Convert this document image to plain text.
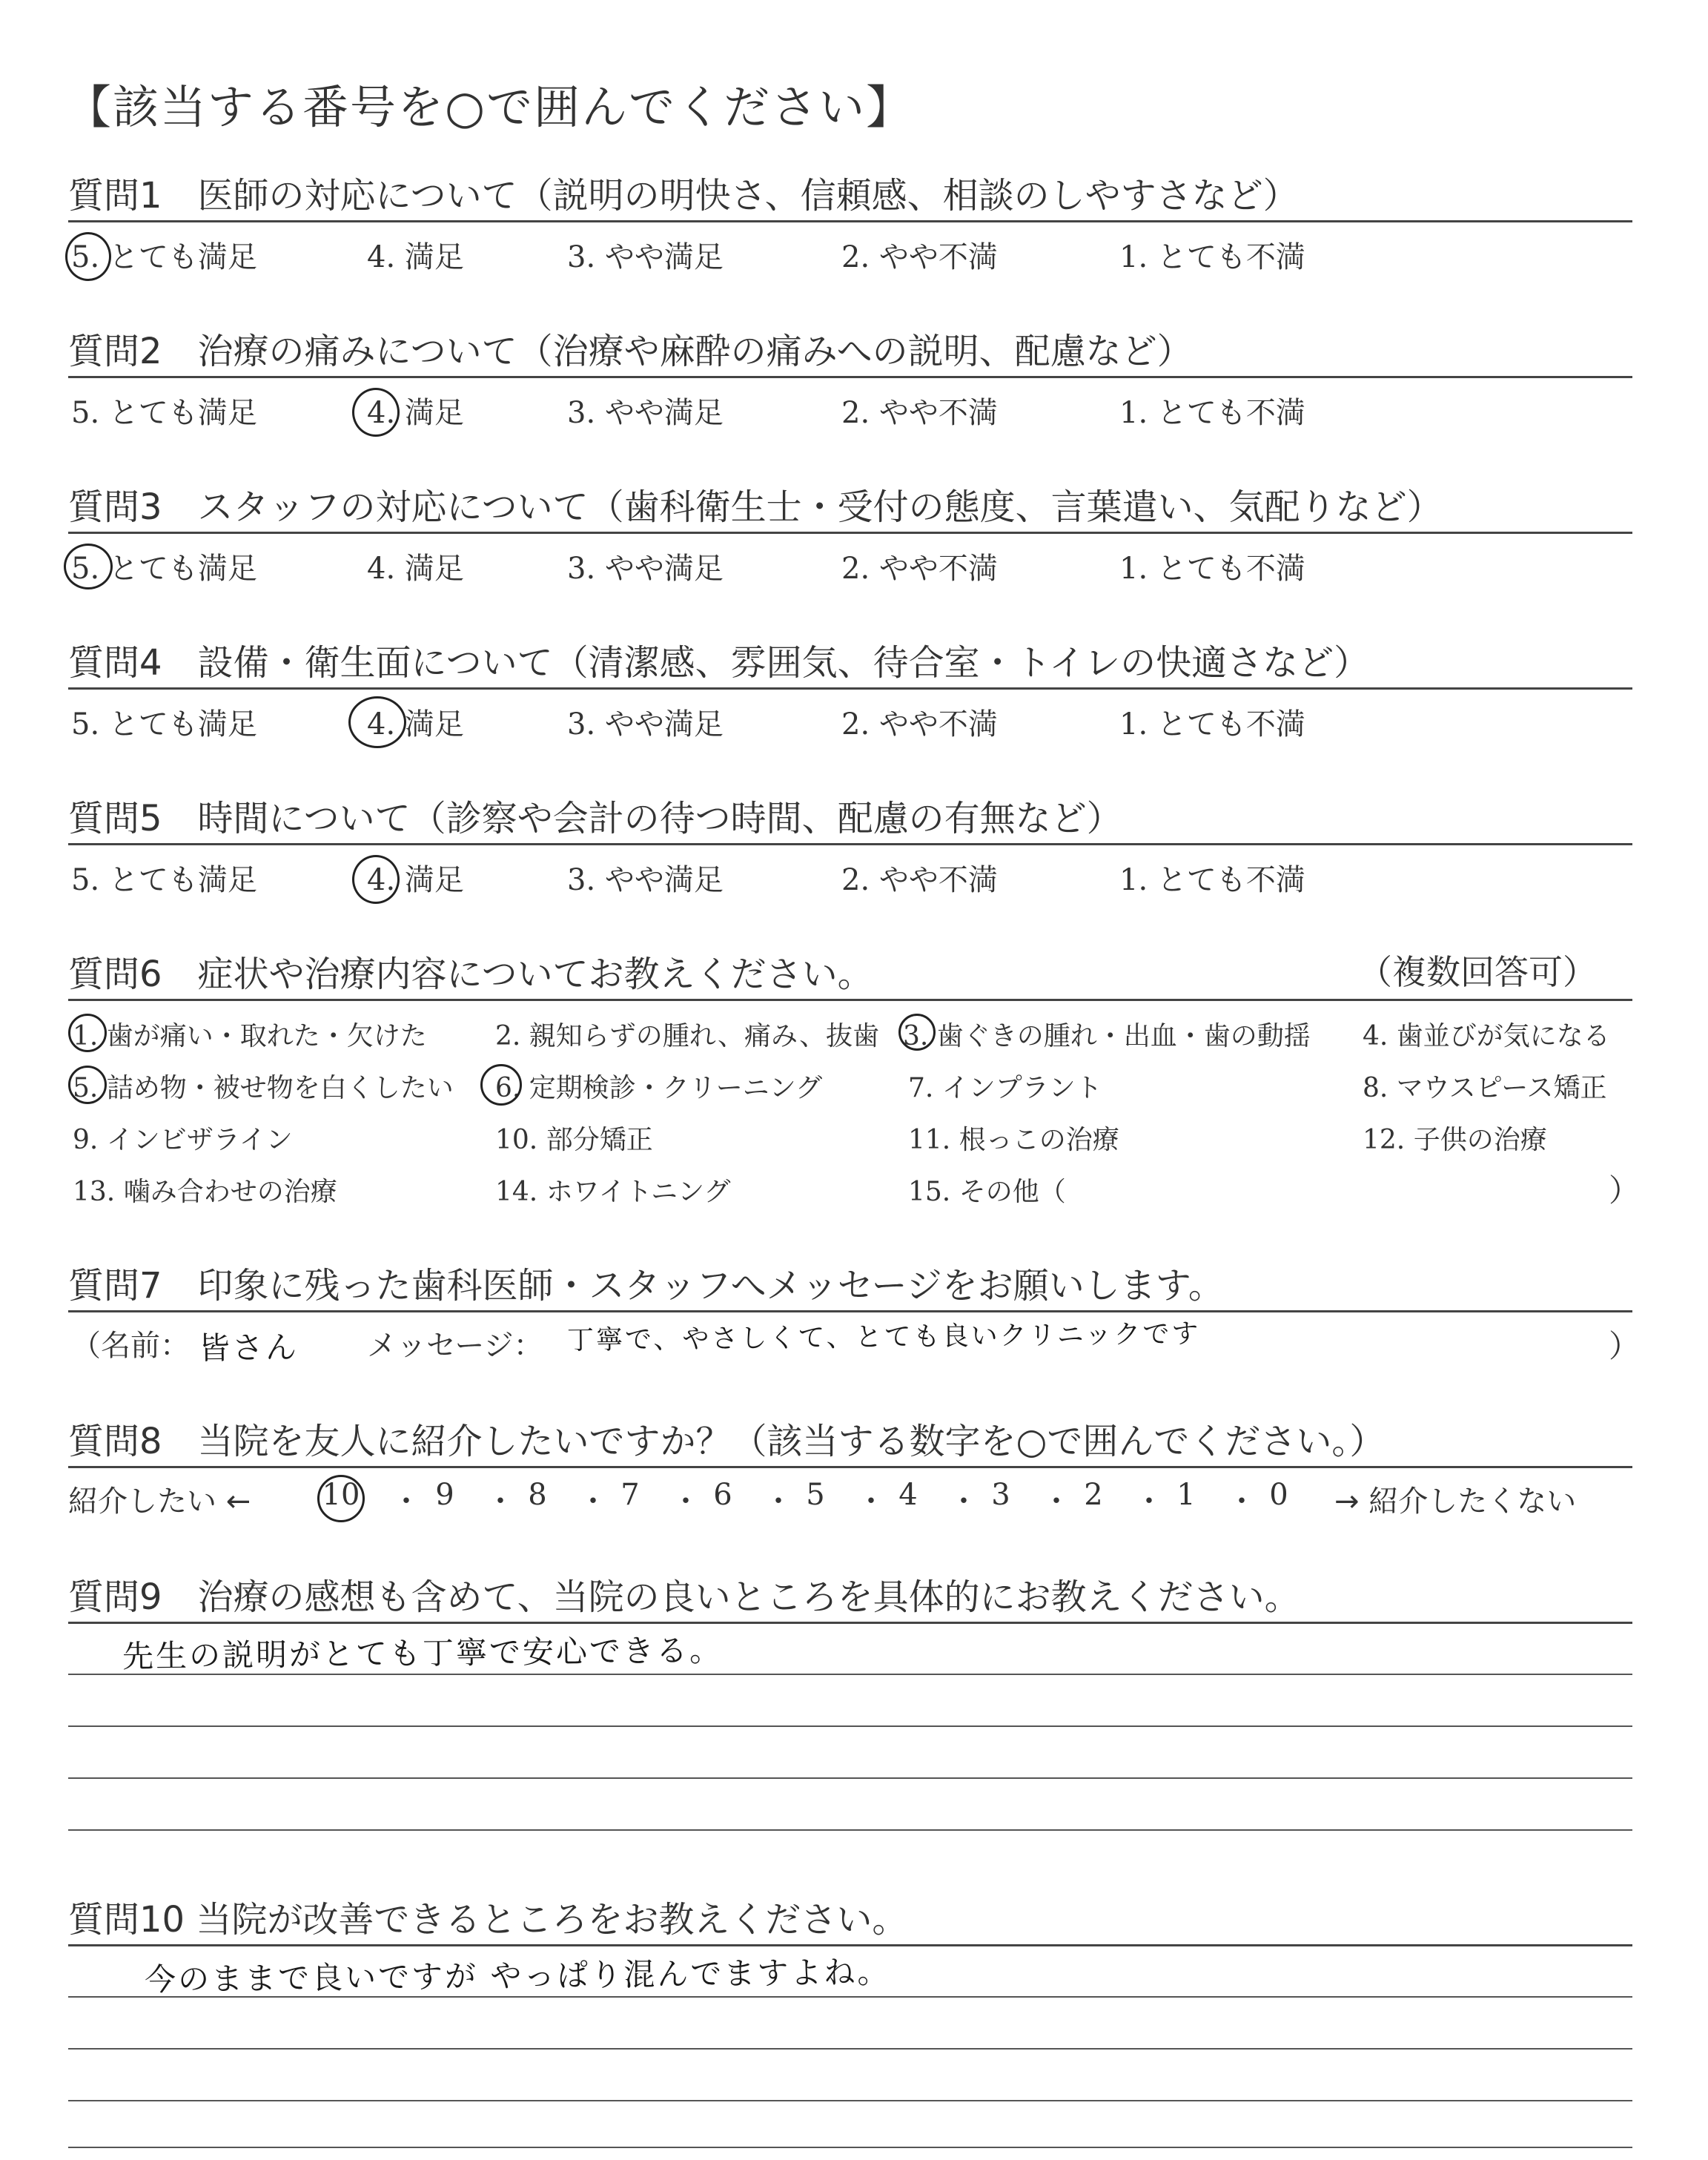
【該当する番号を○で囲んでください】
質問1　医師の対応について（説明の明快さ、信頼感、相談のしやすさなど）
5. とても満足	4. 満足	3. やや満足	2. やや不満	1. とても不満
質問2　治療の痛みについて（治療や麻酔の痛みへの説明、配慮など）
5. とても満足	4. 満足	3. やや満足	2. やや不満	1. とても不満
質問3　スタッフの対応について（歯科衛生士・受付の態度、言葉遣い、気配りなど）
5. とても満足	4. 満足	3. やや満足	2. やや不満	1. とても不満
質問4　設備・衛生面について（清潔感、雰囲気、待合室・トイレの快適さなど）
5. とても満足	4. 満足	3. やや満足	2. やや不満	1. とても不満
質問5　時間について（診察や会計の待つ時間、配慮の有無など）
5. とても満足	4. 満足	3. やや満足	2. やや不満	1. とても不満
質問6　症状や治療内容についてお教えください。	（複数回答可）
1. 歯が痛い・取れた・欠けた	2. 親知らずの腫れ、痛み、抜歯 3. 歯ぐきの腫れ・出血・歯の動揺 4. 歯並びが気になる
5. 詰め物・被せ物を白くしたい 6. 定期検診・クリーニング	7. インプラント	8. マウスピース矯正
9. インビザライン	10. 部分矯正	11. 根っこの治療	12. 子供の治療
13. 噛み合わせの治療	14. ホワイトニング	15. その他（	）
質問7　印象に残った歯科医師・スタッフへメッセージをお願いします。
（名前： 皆さん メッセージ： 丁寧で、やさしくて、とても良いクリニックです	）
質問8　当院を友人に紹介したいですか？（該当する数字を○で囲んでください。）
紹介したい ← 10 ・ 9	・ 8	・ 7	・ 6	・ 5	・ 4	・ 3	・ 2	・ 1	・ 0	→ 紹介したくない
質問9　治療の感想も含めて、当院の良いところを具体的にお教えください。
先生の説明がとても丁寧で安心できる。
質問10 当院が改善できるところをお教えください。
今のままで良いですが やっぱり混んでますよね。
